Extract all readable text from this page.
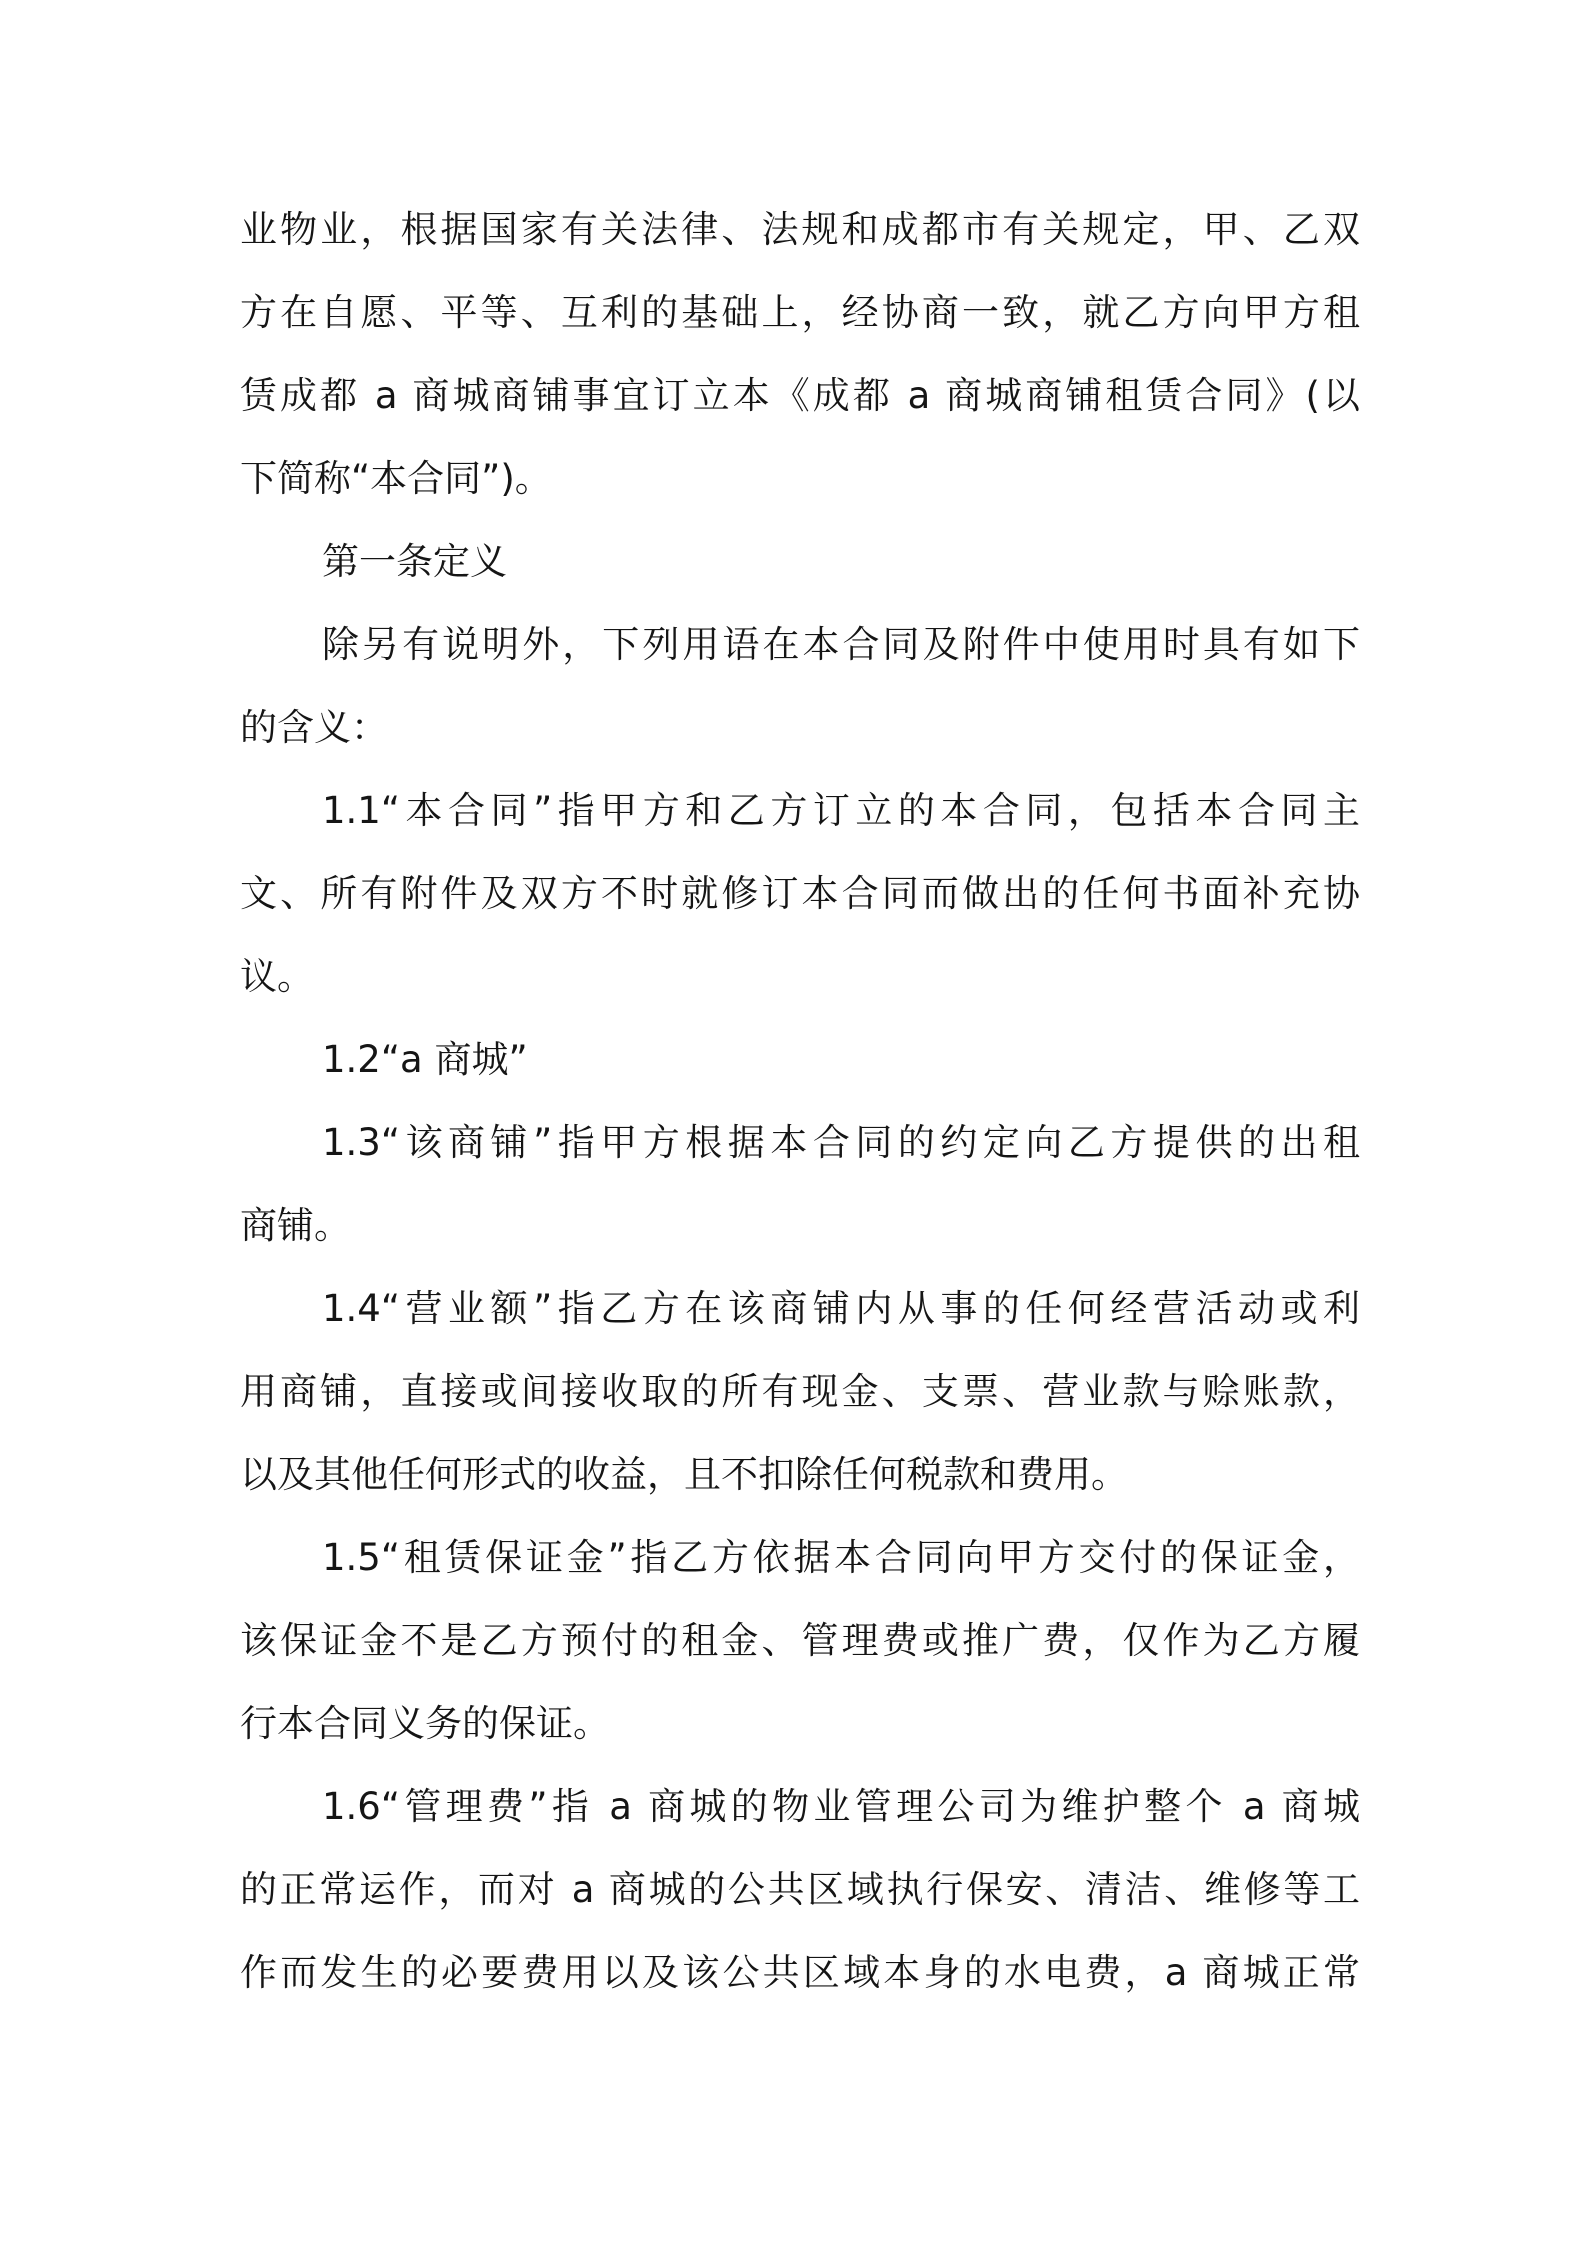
业物业，根据国家有关法律、法规和成都市有关规定，甲、乙双
方在自愿、平等、互利的基础上，经协商一致，就乙方向甲方租
赁成都 a 商城商铺事宜订立本《成都 a 商城商铺租赁合同》(以
下简称“本合同”)。
第一条定义
除另有说明外，下列用语在本合同及附件中使用时具有如下
的含义：
1.1“本合同”指甲方和乙方订立的本合同，包括本合同主
文、所有附件及双方不时就修订本合同而做出的任何书面补充协
议。
1.2“a 商城”
1.3“该商铺”指甲方根据本合同的约定向乙方提供的出租
商铺。
1.4“营业额”指乙方在该商铺内从事的任何经营活动或利
用商铺，直接或间接收取的所有现金、支票、营业款与赊账款，
以及其他任何形式的收益，且不扣除任何税款和费用。
1.5“租赁保证金”指乙方依据本合同向甲方交付的保证金，
该保证金不是乙方预付的租金、管理费或推广费，仅作为乙方履
行本合同义务的保证。
1.6“管理费”指 a 商城的物业管理公司为维护整个 a 商城
的正常运作，而对 a 商城的公共区域执行保安、清洁、维修等工
作而发生的必要费用以及该公共区域本身的水电费，a 商城正常
